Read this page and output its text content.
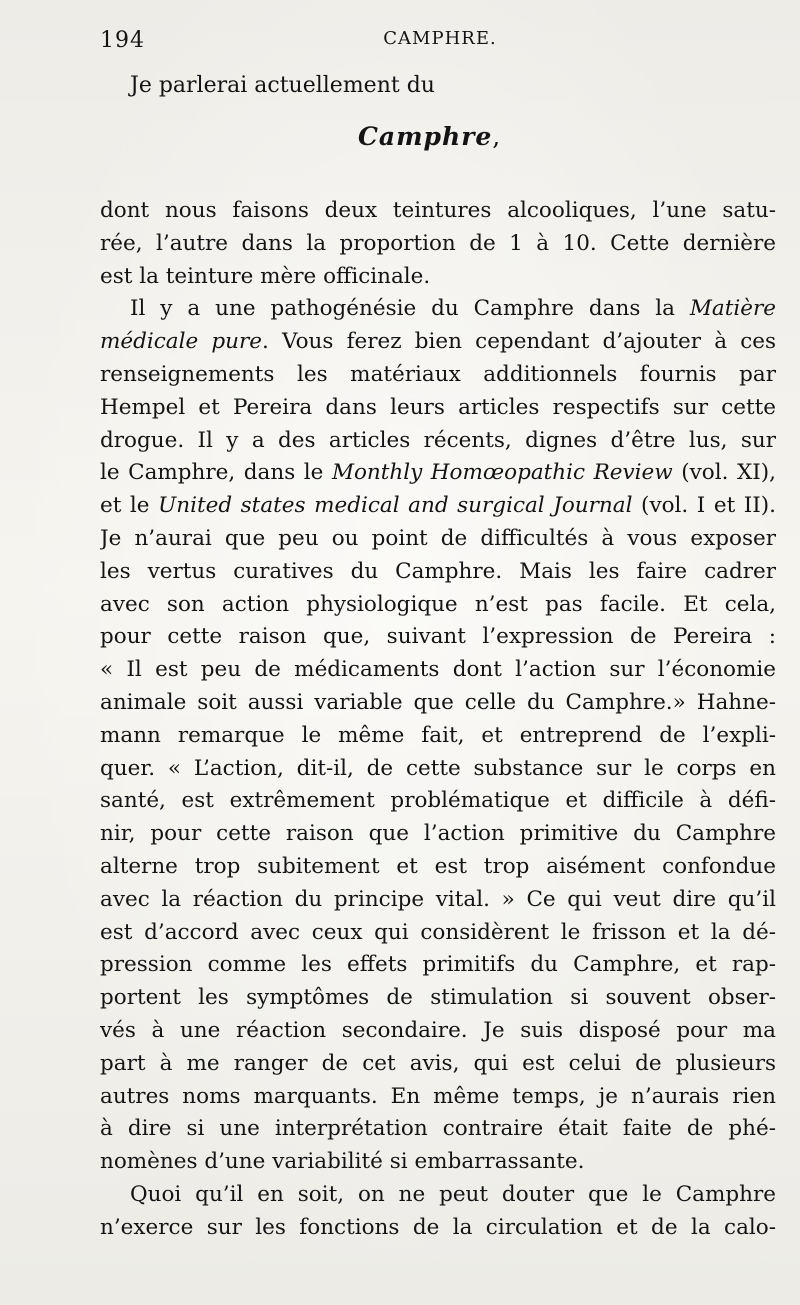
194	CAMPHRE.
Je parlerai actuellement du
Camphre,
dont nous faisons deux teintures alcooliques, l’une satu-
rée, l’autre dans la proportion de 1 à 10. Cette dernière
est la teinture mère officinale.
Il y a une pathogénésie du Camphre dans la Matière
médicale pure. Vous ferez bien cependant d’ajouter à ces
renseignements les matériaux additionnels fournis par
Hempel et Pereira dans leurs articles respectifs sur cette
drogue. Il y a des articles récents, dignes d’être lus, sur
le Camphre, dans le Monthly Homœopathic Review (vol. XI),
et le United states medical and surgical Journal (vol. I et II).
Je n’aurai que peu ou point de difficultés à vous exposer
les vertus curatives du Camphre. Mais les faire cadrer
avec son action physiologique n’est pas facile. Et cela,
pour cette raison que, suivant l’expression de Pereira :
« Il est peu de médicaments dont l’action sur l’économie
animale soit aussi variable que celle du Camphre.» Hahne-
mann remarque le même fait, et entreprend de l’expli-
quer. « L’action, dit-il, de cette substance sur le corps en
santé, est extrêmement problématique et difficile à défi-
nir, pour cette raison que l’action primitive du Camphre
alterne trop subitement et est trop aisément confondue
avec la réaction du principe vital. » Ce qui veut dire qu’il
est d’accord avec ceux qui considèrent le frisson et la dé-
pression comme les effets primitifs du Camphre, et rap-
portent les symptômes de stimulation si souvent obser-
vés à une réaction secondaire. Je suis disposé pour ma
part à me ranger de cet avis, qui est celui de plusieurs
autres noms marquants. En même temps, je n’aurais rien
à dire si une interprétation contraire était faite de phé-
nomènes d’une variabilité si embarrassante.
Quoi qu’il en soit, on ne peut douter que le Camphre
n’exerce sur les fonctions de la circulation et de la calo-
